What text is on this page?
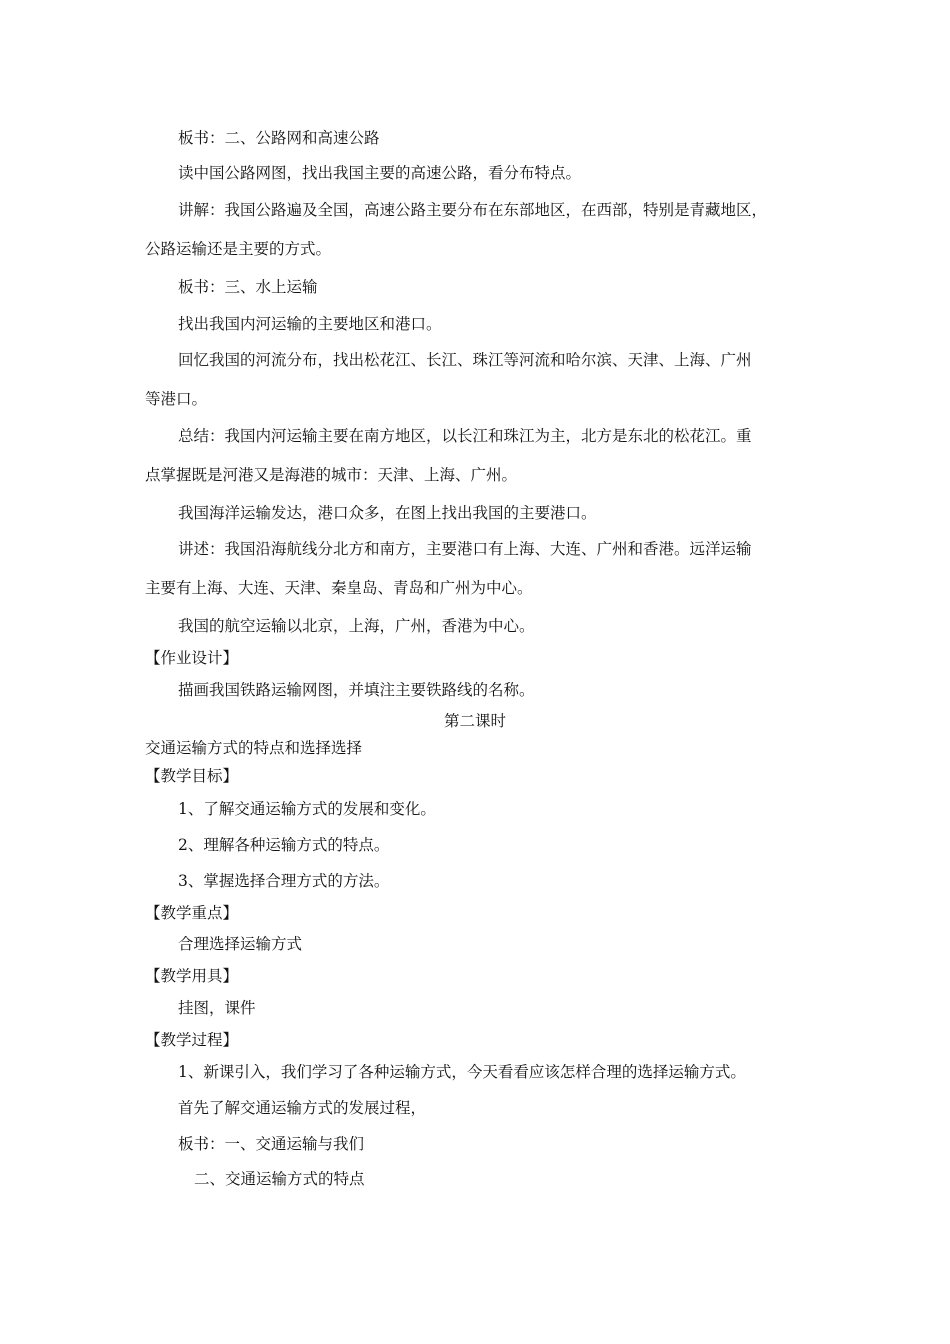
板书：二、公路网和高速公路
读中国公路网图，找出我国主要的高速公路，看分布特点。
讲解：我国公路遍及全国，高速公路主要分布在东部地区，在西部，特别是青藏地区，
公路运输还是主要的方式。
板书：三、水上运输
找出我国内河运输的主要地区和港口。
回忆我国的河流分布，找出松花江、长江、珠江等河流和哈尔滨、天津、上海、广州
等港口。
总结：我国内河运输主要在南方地区，以长江和珠江为主，北方是东北的松花江。重
点掌握既是河港又是海港的城市：天津、上海、广州。
我国海洋运输发达，港口众多，在图上找出我国的主要港口。
讲述：我国沿海航线分北方和南方，主要港口有上海、大连、广州和香港。远洋运输
主要有上海、大连、天津、秦皇岛、青岛和广州为中心。
我国的航空运输以北京，上海，广州，香港为中心。
【作业设计】
描画我国铁路运输网图，并填注主要铁路线的名称。
第二课时
交通运输方式的特点和选择选择
【教学目标】
1、了解交通运输方式的发展和变化。
2、理解各种运输方式的特点。
3、掌握选择合理方式的方法。
【教学重点】
合理选择运输方式
【教学用具】
挂图，课件
【教学过程】
1、新课引入，我们学习了各种运输方式，今天看看应该怎样合理的选择运输方式。
首先了解交通运输方式的发展过程，
板书：一、交通运输与我们
二、交通运输方式的特点
